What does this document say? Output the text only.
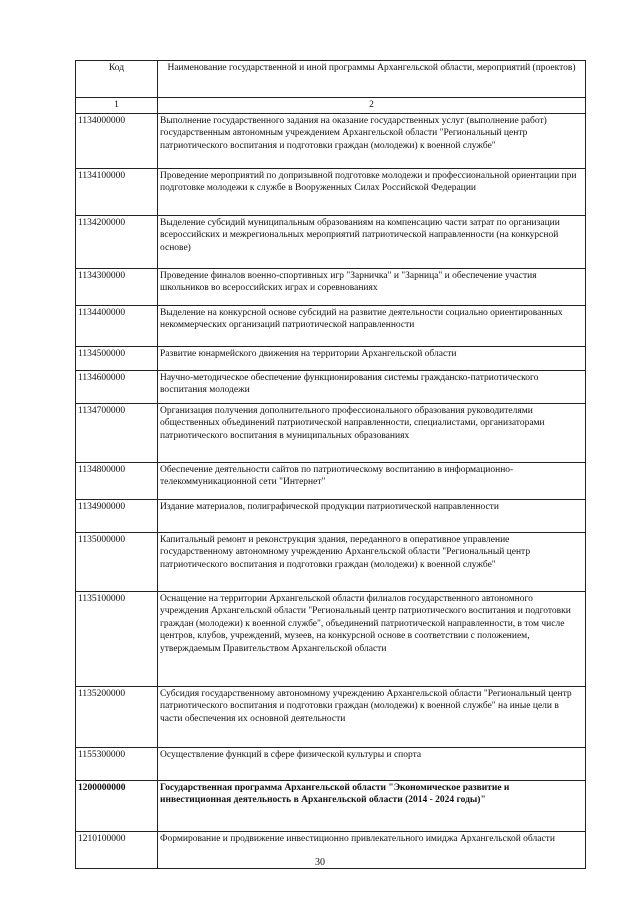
Код	Наименование государственной и иной программы Архангельской области, мероприятий (проектов)
1	2
1134000000	Выполнение государственного задания на оказание государственных услуг (выполнение работ) государственным автономным учреждением Архангельской области "Региональный центр патриотического воспитания и подготовки граждан (молодежи) к военной службе"
1134100000	Проведение мероприятий по допризывной подготовке молодежи и профессиональной ориентации при подготовке молодежи к службе в Вооруженных Силах Российской Федерации
1134200000	Выделение субсидий муниципальным образованиям на компенсацию части затрат по организации всероссийских и межрегиональных мероприятий патриотической направленности (на конкурсной основе)
1134300000	Проведение финалов военно-спортивных игр "Зарничка" и "Зарница" и обеспечение участия школьников во всероссийских играх и соревнованиях
1134400000	Выделение на конкурсной основе субсидий на развитие деятельности социально ориентированных некоммерческих организаций патриотической направленности
1134500000	Развитие юнармейского движения на территории Архангельской области
1134600000	Научно-методическое обеспечение функционирования системы гражданско-патриотического воспитания молодежи
1134700000	Организация получения дополнительного профессионального образования руководителями общественных объединений патриотической направленности, специалистами, организаторами патриотического воспитания в муниципальных образованиях
1134800000	Обеспечение деятельности сайтов по патриотическому воспитанию в информационно-телекоммуникационной сети "Интернет"
1134900000	Издание материалов, полиграфической продукции патриотической направленности
1135000000	Капитальный ремонт и реконструкция здания, переданного в оперативное управление государственному автономному учреждению Архангельской области "Региональный центр патриотического воспитания и подготовки граждан (молодежи) к военной службе"
1135100000	Оснащение на территории Архангельской области филиалов государственного автономного учреждения Архангельской области "Региональный центр патриотического воспитания и подготовки граждан (молодежи) к военной службе", объединений патриотической направленности, в том числе центров, клубов, учреждений, музеев, на конкурсной основе в соответствии с положением, утверждаемым Правительством Архангельской области
1135200000	Субсидия государственному автономному учреждению Архангельской области "Региональный центр патриотического воспитания и подготовки граждан (молодежи) к военной службе" на иные цели в части обеспечения их основной деятельности
1155300000	Осуществление функций в сфере физической культуры и спорта
1200000000	Государственная программа Архангельской области "Экономическое развитие и инвестиционная деятельность в Архангельской области (2014 - 2024 годы)"
1210100000	Формирование и продвижение инвестиционно привлекательного имиджа Архангельской области
30
